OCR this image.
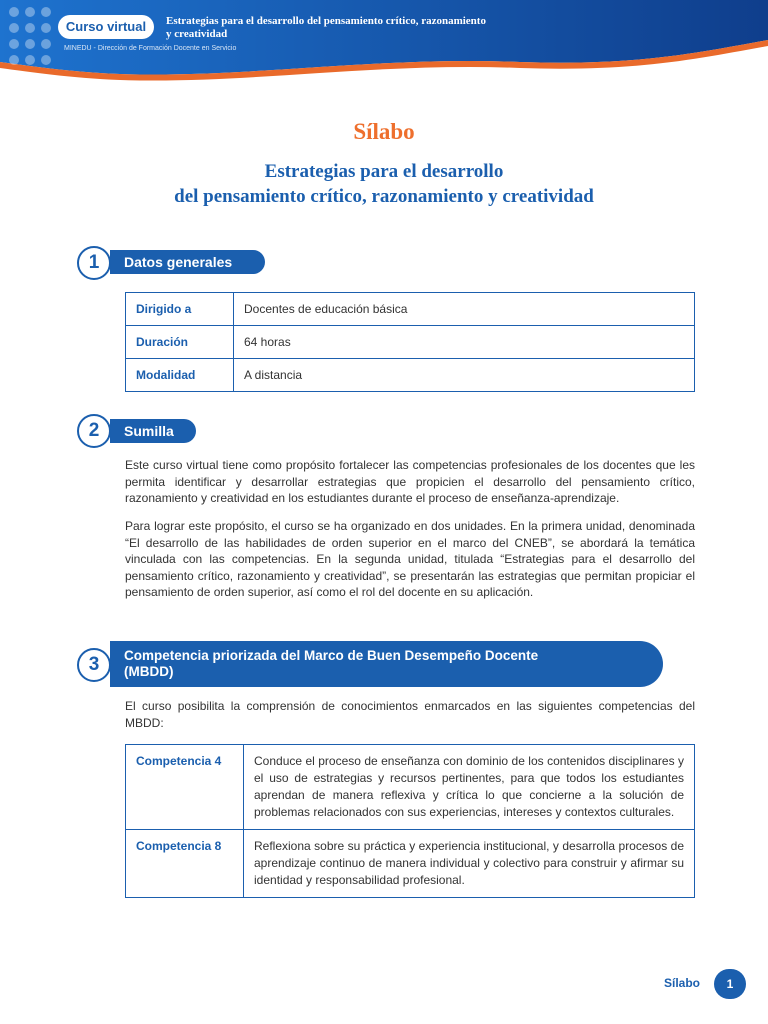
Curso virtual	Estrategias para el desarrollo del pensamiento crítico, razonamiento
y creatividad
MINEDU - Dirección de Formación Docente en Servicio
Sílabo
Estrategias para el desarrollo
del pensamiento crítico, razonamiento y creatividad
1	Datos generales
Dirigido a	Docentes de educación básica
Duración	64 horas
Modalidad	A distancia
2	Sumilla

Este curso virtual tiene como propósito fortalecer las competencias profesionales de los docentes que les permita identificar y desarrollar estrategias que propicien el desarrollo del pensamiento crítico, razonamiento y creatividad en los estudiantes durante el proceso de enseñanza-aprendizaje.

Para lograr este propósito, el curso se ha organizado en dos unidades. En la primera unidad, denominada “El desarrollo de las habilidades de orden superior en el marco del CNEB”, se abordará la temática vinculada con las competencias. En la segunda unidad, titulada “Estrategias para el desarrollo del pensamiento crítico, razonamiento y creatividad”, se presentarán las estrategias que permitan propiciar el pensamiento de orden superior, así como el rol del docente en su aplicación.

3	Competencia priorizada del Marco de Buen Desempeño Docente
(MBDD)

El curso posibilita la comprensión de conocimientos enmarcados en las siguientes competencias del MBDD:

Competencia 4	Conduce el proceso de enseñanza con dominio de los contenidos disciplinares y el uso de estrategias y recursos pertinentes, para que todos los estudiantes aprendan de manera reflexiva y crítica lo que concierne a la solución de problemas relacionados con sus experiencias, intereses y contextos culturales.
Competencia 8	Reflexiona sobre su práctica y experiencia institucional, y desarrolla procesos de aprendizaje continuo de manera individual y colectivo para construir y afirmar su identidad y responsabilidad profesional.
Sílabo	1
